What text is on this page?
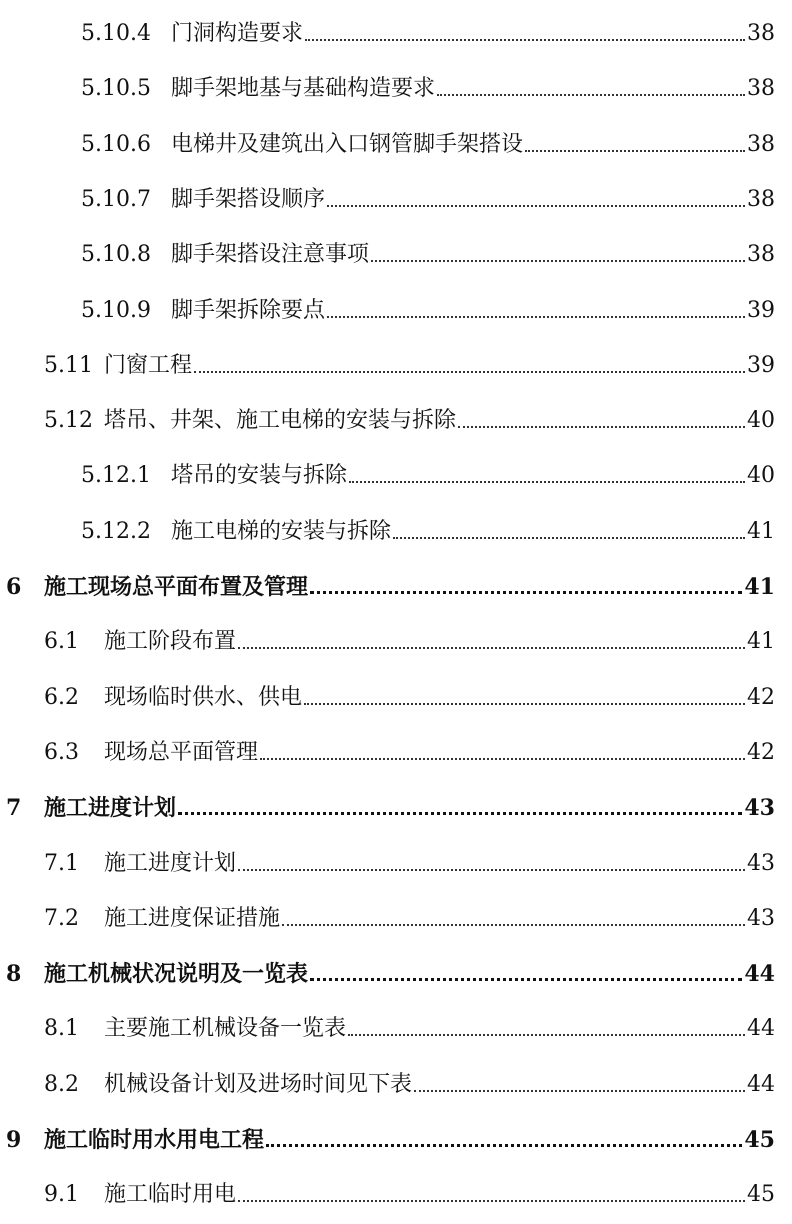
5.10.4 门洞构造要求	38
5.10.5 脚手架地基与基础构造要求	38
5.10.6 电梯井及建筑出入口钢管脚手架搭设	38
5.10.7 脚手架搭设顺序	38
5.10.8 脚手架搭设注意事项	38
5.10.9 脚手架拆除要点	39
5.11 门窗工程	39
5.12 塔吊、井架、施工电梯的安装与拆除	40
5.12.1 塔吊的安装与拆除	40
5.12.2 施工电梯的安装与拆除	41
6	施工现场总平面布置及管理	41
6.1	施工阶段布置	41
6.2	现场临时供水、供电	42
6.3	现场总平面管理	42
7	施工进度计划	43
7.1	施工进度计划	43
7.2	施工进度保证措施	43
8	施工机械状况说明及一览表	44
8.1	主要施工机械设备一览表	44
8.2	机械设备计划及进场时间见下表	44
9	施工临时用水用电工程	45
9.1	施工临时用电	45
